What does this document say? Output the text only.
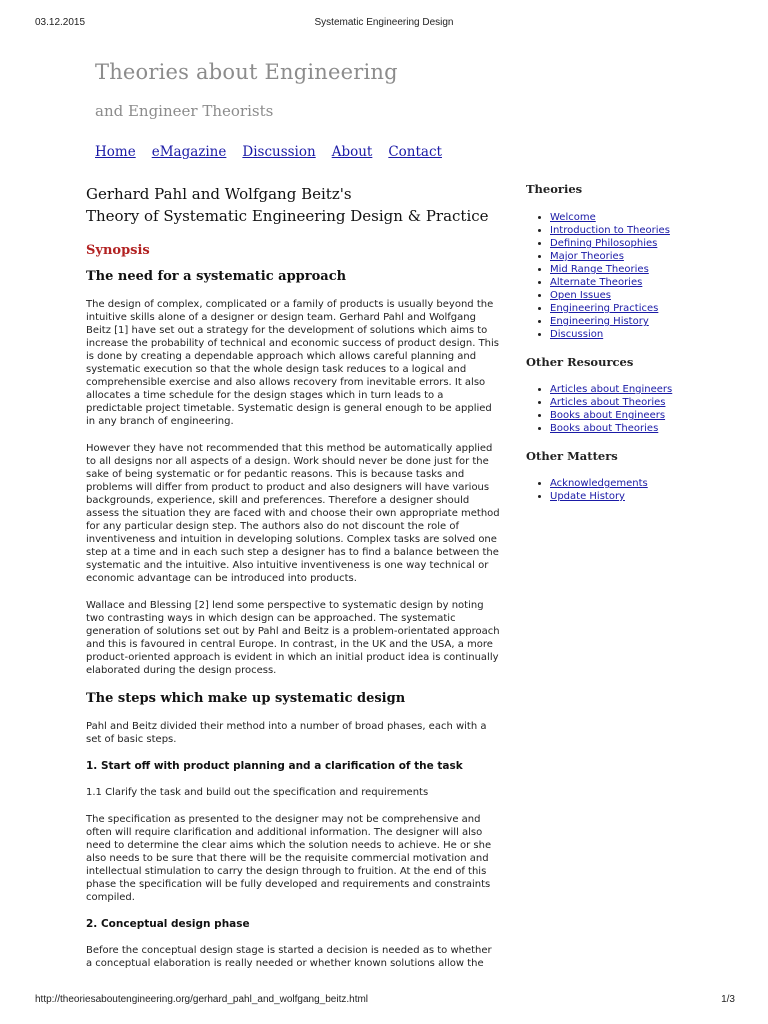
03.12.2015	Systematic Engineering Design
Theories about Engineering
and Engineer Theorists
Home eMagazine Discussion About Contact
Gerhard Pahl and Wolfgang Beitz's
Theory of Systematic Engineering Design & Practice
Synopsis
The need for a systematic approach

The design of complex, complicated or a family of products is usually beyond the intuitive skills alone of a designer or design team. Gerhard Pahl and Wolfgang Beitz [1] have set out a strategy for the development of solutions which aims to increase the probability of technical and economic success of product design. This is done by creating a dependable approach which allows careful planning and systematic execution so that the whole design task reduces to a logical and comprehensible exercise and also allows recovery from inevitable errors. It also allocates a time schedule for the design stages which in turn leads to a predictable project timetable. Systematic design is general enough to be applied in any branch of engineering.

However they have not recommended that this method be automatically applied to all designs nor all aspects of a design. Work should never be done just for the sake of being systematic or for pedantic reasons. This is because tasks and problems will differ from product to product and also designers will have various backgrounds, experience, skill and preferences. Therefore a designer should assess the situation they are faced with and choose their own appropriate method for any particular design step. The authors also do not discount the role of inventiveness and intuition in developing solutions. Complex tasks are solved one step at a time and in each such step a designer has to find a balance between the systematic and the intuitive. Also intuitive inventiveness is one way technical or economic advantage can be introduced into products.

Wallace and Blessing [2] lend some perspective to systematic design by noting two contrasting ways in which design can be approached. The systematic generation of solutions set out by Pahl and Beitz is a problem-orientated approach and this is favoured in central Europe. In contrast, in the UK and the USA, a more product-oriented approach is evident in which an initial product idea is continually elaborated during the design process.

The steps which make up systematic design

Pahl and Beitz divided their method into a number of broad phases, each with a set of basic steps.

1. Start off with product planning and a clarification of the task

1.1 Clarify the task and build out the specification and requirements

The specification as presented to the designer may not be comprehensive and often will require clarification and additional information. The designer will also need to determine the clear aims which the solution needs to achieve. He or she also needs to be sure that there will be the requisite commercial motivation and intellectual stimulation to carry the design through to fruition. At the end of this phase the specification will be fully developed and requirements and constraints compiled.

2. Conceptual design phase

Before the conceptual design stage is started a decision is needed as to whether a conceptual elaboration is really needed or whether known solutions allow the

Theories
Welcome
Introduction to Theories
Defining Philosophies
Major Theories
Mid Range Theories
Alternate Theories
Open Issues
Engineering Practices
Engineering History
Discussion
Other Resources
Articles about Engineers
Articles about Theories
Books about Engineers
Books about Theories
Other Matters
Acknowledgements
Update History
http://theoriesaboutengineering.org/gerhard_pahl_and_wolfgang_beitz.html	1/3
